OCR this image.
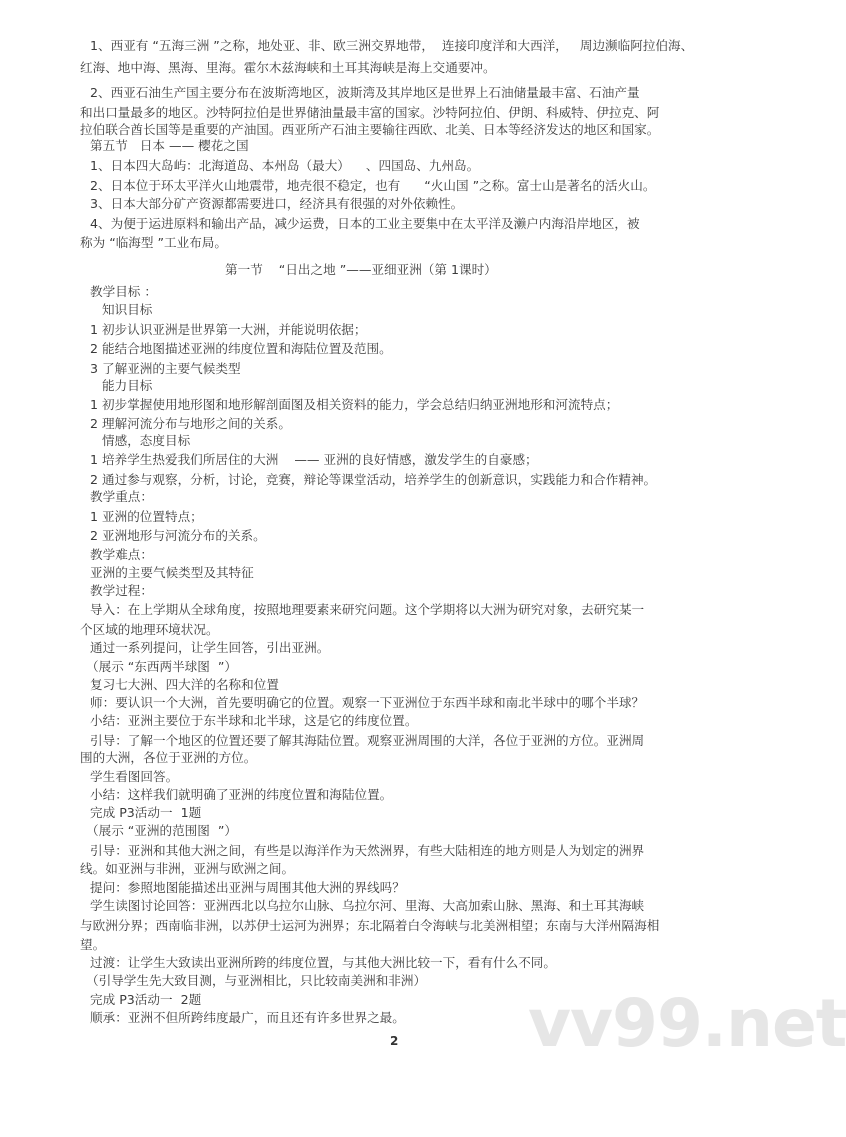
1、西亚有 “五海三洲 ”之称，地处亚、非、欧三洲交界地带，  连接印度洋和大西洋，   周边濒临阿拉伯海、
红海、地中海、黑海、里海。霍尔木兹海峡和土耳其海峡是海上交通要冲。
2、西亚石油生产国主要分布在波斯湾地区，波斯湾及其岸地区是世界上石油储量最丰富、石油产量
和出口量最多的地区。沙特阿拉伯是世界储油量最丰富的国家。沙特阿拉伯、伊朗、科威特、伊拉克、阿
拉伯联合酋长国等是重要的产油国。西亚所产石油主要输往西欧、北美、日本等经济发达的地区和国家。
第五节   日本 —— 樱花之国
1、日本四大岛屿：北海道岛、本州岛（最大）    、四国岛、九州岛。
2、日本位于环太平洋火山地震带，地壳很不稳定，也有      “火山国 ”之称。富士山是著名的活火山。
3、日本大部分矿产资源都需要进口，经济具有很强的对外依赖性。
4、为便于运进原料和输出产品，减少运费，日本的工业主要集中在太平洋及濑户内海沿岸地区，被
称为 “临海型 ”工业布局。
第一节    “日出之地 ”——亚细亚洲（第 1课时）
教学目标 ：
知识目标
1 初步认识亚洲是世界第一大洲，并能说明依据；
2 能结合地图描述亚洲的纬度位置和海陆位置及范围。
3 了解亚洲的主要气候类型
能力目标
1 初步掌握使用地形图和地形解剖面图及相关资料的能力，学会总结归纳亚洲地形和河流特点；
2 理解河流分布与地形之间的关系。
情感，态度目标
1 培养学生热爱我们所居住的大洲    —— 亚洲的良好情感，激发学生的自豪感；
2 通过参与观察，分析，讨论，竞赛，辩论等课堂活动，培养学生的创新意识，实践能力和合作精神。
教学重点：
1 亚洲的位置特点；
2 亚洲地形与河流分布的关系。
教学难点：
亚洲的主要气候类型及其特征
教学过程：
导入：在上学期从全球角度，按照地理要素来研究问题。这个学期将以大洲为研究对象，去研究某一
个区域的地理环境状况。
通过一系列提问，让学生回答，引出亚洲。
（展示 “东西两半球图  ”）
复习七大洲、四大洋的名称和位置
师：要认识一个大洲，首先要明确它的位置。观察一下亚洲位于东西半球和南北半球中的哪个半球？
小结：亚洲主要位于东半球和北半球，这是它的纬度位置。
引导：了解一个地区的位置还要了解其海陆位置。观察亚洲周围的大洋，各位于亚洲的方位。亚洲周
围的大洲，各位于亚洲的方位。
学生看图回答。
小结：这样我们就明确了亚洲的纬度位置和海陆位置。
完成 P3活动一  1题
（展示 “亚洲的范围图  ”）
引导：亚洲和其他大洲之间，有些是以海洋作为天然洲界，有些大陆相连的地方则是人为划定的洲界
线。如亚洲与非洲，亚洲与欧洲之间。
提问：参照地图能描述出亚洲与周围其他大洲的界线吗？
学生读图讨论回答：亚洲西北以乌拉尔山脉、乌拉尔河、里海、大高加索山脉、黑海、和土耳其海峡
与欧洲分界；西南临非洲，以苏伊士运河为洲界；东北隔着白令海峡与北美洲相望；东南与大洋州隔海相
望。
过渡：让学生大致读出亚洲所跨的纬度位置，与其他大洲比较一下，看有什么不同。
（引导学生先大致目测，与亚洲相比，只比较南美洲和非洲）
完成 P3活动一  2题
顺承：亚洲不但所跨纬度最广，而且还有许多世界之最。
2 vv99.net
